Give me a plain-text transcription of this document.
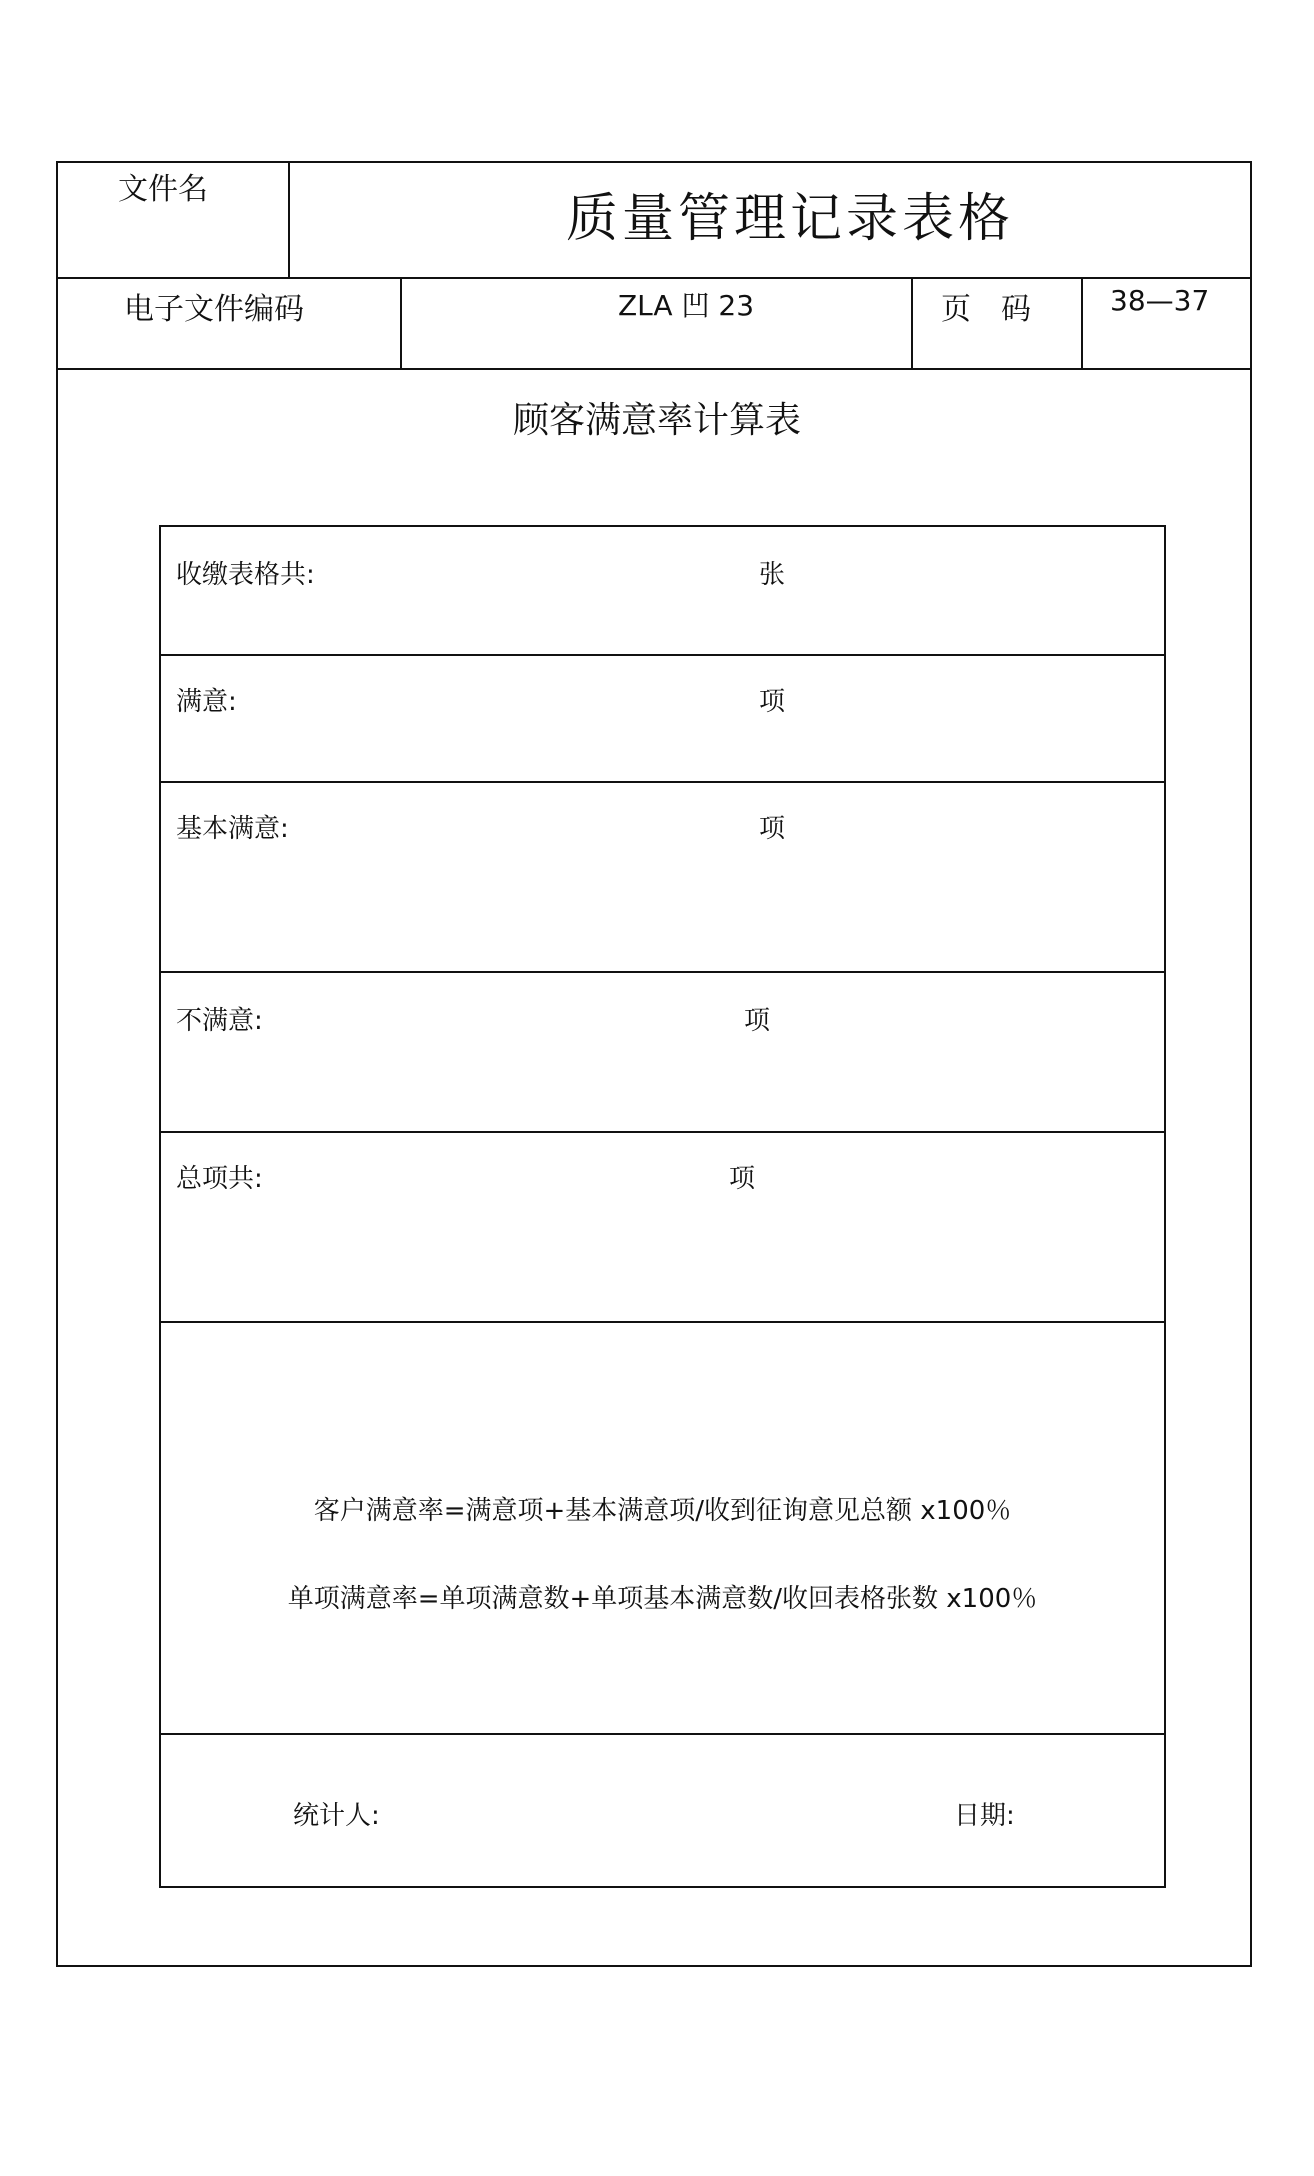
文件名	质量管理记录表格
电子文件编码	ZLA 凹 23	页　码	38—37
顾客满意率计算表
收缴表格共:	张
满意:	项
基本满意:	项
不满意:	项
总项共:	项
客户满意率=满意项+基本满意项/收到征询意见总额 x100％
单项满意率=单项满意数+单项基本满意数/收回表格张数 x100％
统计人:	日期:
